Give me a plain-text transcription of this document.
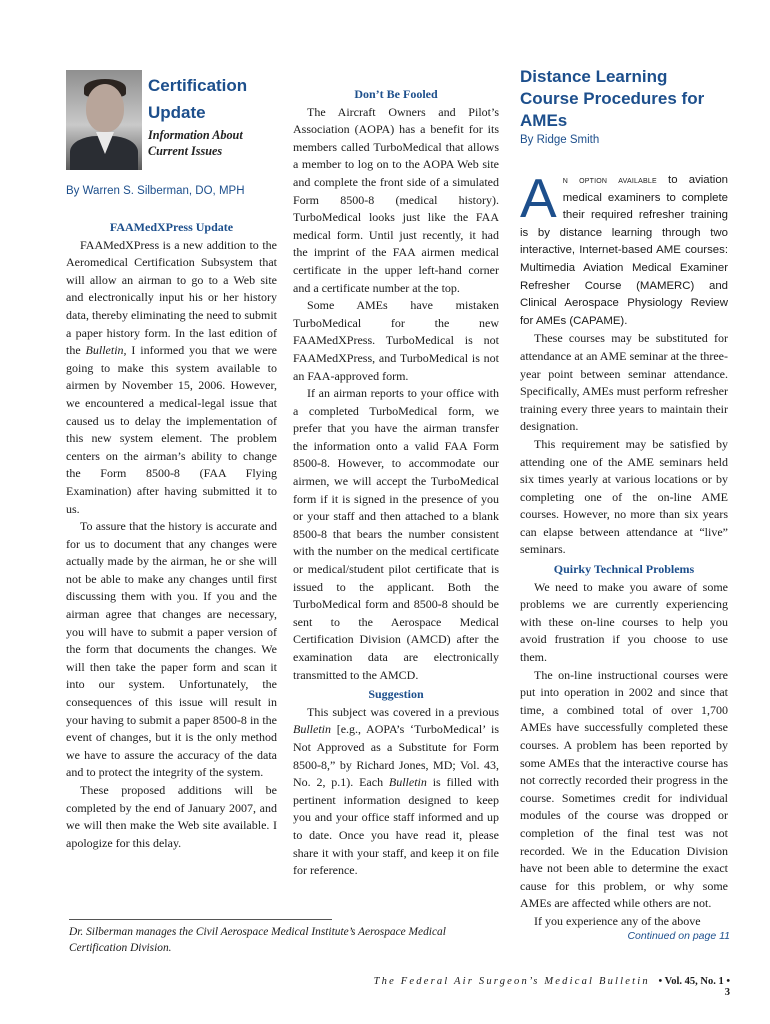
Certification
Update
Information About
Current Issues
By Warren S. Silberman, DO, MPH
FAAMedXPress Update

FAAMedXPress is a new addition to the Aeromedical Certification Subsystem that will allow an airman to go to a Web site and electronically input his or her history data, thereby eliminating the need to submit a paper history form. In the last edition of the Bulletin, I informed you that we were going to make this system available to airmen by November 15, 2006. However, we encountered a medical-legal issue that caused us to delay the implementation of this new system element. The problem centers on the airman’s ability to change the Form 8500-8 (FAA Flying Examination) after having submitted it to us.

To assure that the history is accurate and for us to document that any changes were actually made by the airman, he or she will not be able to make any changes until first discussing them with you. If you and the airman agree that changes are necessary, you will have to submit a paper version of the form that documents the changes. We will then take the paper form and scan it into our system. Unfortunately, the consequences of this issue will result in your having to submit a paper 8500-8 in the event of changes, but it is the only method we have to assure the accuracy of the data and to protect the integrity of the system.

These proposed additions will be completed by the end of January 2007, and we will then make the Web site available. I apologize for this delay.

Don’t Be Fooled

The Aircraft Owners and Pilot’s Association (AOPA) has a benefit for its members called TurboMedical that allows a member to log on to the AOPA Web site and complete the front side of a simulated Form 8500-8 (medical history). TurboMedical looks just like the FAA medical form. Until just recently, it had the imprint of the FAA airmen medical certificate in the upper left-hand corner and a certificate number at the top.

Some AMEs have mistaken TurboMedical for the new FAAMedXPress. TurboMedical is not FAAMedXPress, and TurboMedical is not an FAA-approved form.

If an airman reports to your office with a completed TurboMedical form, we prefer that you have the airman transfer the information onto a valid FAA Form 8500-8. However, to accommodate our airmen, we will accept the TurboMedical form if it is signed in the presence of you or your staff and then attached to a blank 8500-8 that bears the number consistent with the number on the medical certificate or medical/student pilot certificate that is issued to the applicant. Both the TurboMedical form and 8500-8 should be sent to the Aerospace Medical Certification Division (AMCD) after the examination data are electronically transmitted to the AMCD.

Suggestion

This subject was covered in a previous Bulletin [e.g., AOPA’s ‘TurboMedical’ is Not Approved as a Substitute for Form 8500-8,” by Richard Jones, MD; Vol. 43, No. 2, p.1). Each Bulletin is filled with pertinent information designed to keep you and your office staff informed and up to date. Once you have read it, please share it with your staff, and keep it on file for reference.

Distance Learning
Course Procedures for
AMEs
By Ridge Smith

An option available to aviation medical examiners to complete their required refresher training is by distance learning through two interactive, Internet-based AME courses: Multimedia Aviation Medical Examiner Refresher Course (MAMERC) and Clinical Aerospace Physiology Review for AMEs (CAPAME).

These courses may be substituted for attendance at an AME seminar at the three-year point between seminar attendance. Specifically, AMEs must perform refresher training every three years to maintain their designation.

This requirement may be satisfied by attending one of the AME seminars held six times yearly at various locations or by completing one of the on-line AME courses. However, no more than six years can elapse between attendance at “live” seminars.

Quirky Technical Problems

We need to make you aware of some problems we are currently experiencing with these on-line courses to help you avoid frustration if you choose to use them.

The on-line instructional courses were put into operation in 2002 and since that time, a combined total of over 1,700 AMEs have successfully completed these courses. A problem has been reported by some AMEs that the interactive course has not correctly recorded their progress in the course. Sometimes credit for individual modules of the course was dropped or completion of the final test was not recorded. We in the Education Division have not been able to determine the exact cause for this problem, or why some AMEs are affected while others are not.

If you experience any of the above

Dr. Silberman manages the Civil Aerospace Medical Institute’s Aerospace Medical Certification Division.

Continued on page 11
The Federal Air Surgeon’s Medical Bulletin • Vol. 45, No. 1 • 3
